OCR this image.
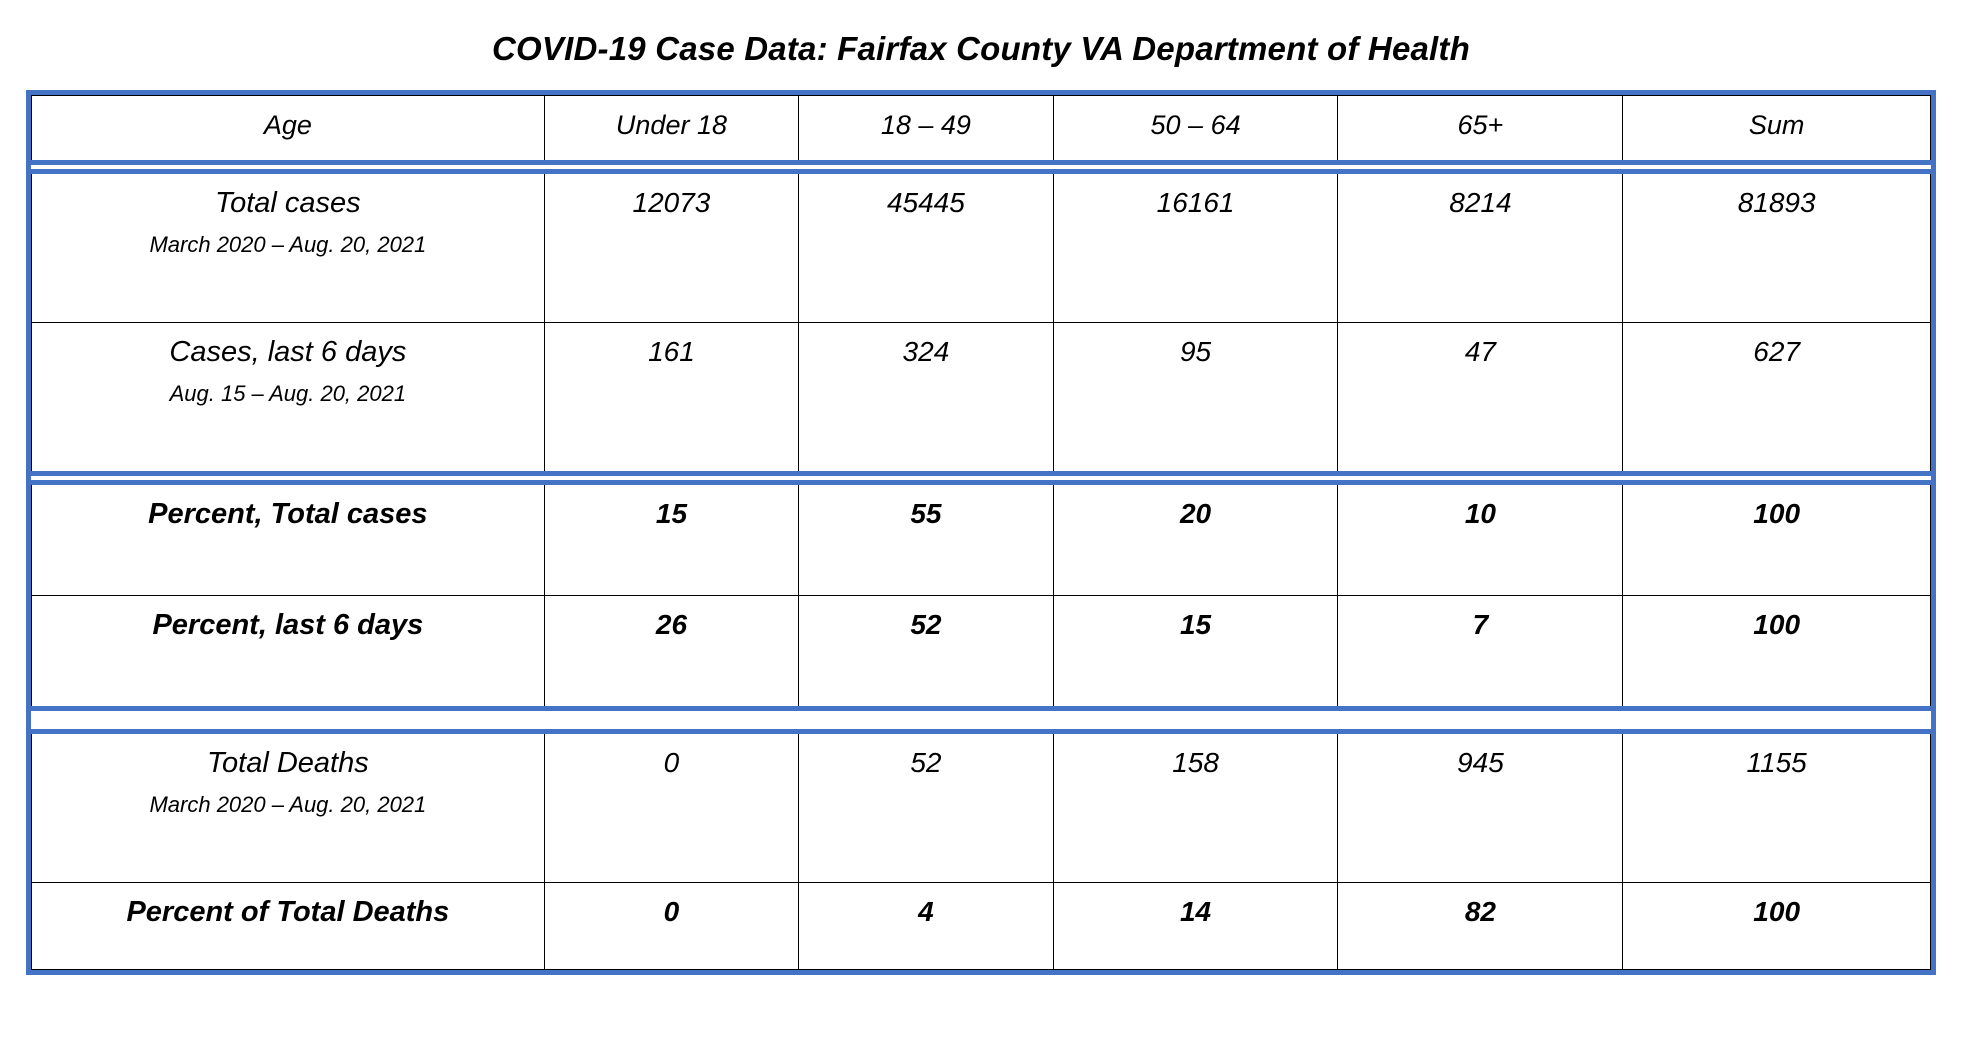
COVID-19 Case Data: Fairfax County VA Department of Health
Age	Under 18	18 – 49	50 – 64	65+	Sum

Total cases
March 2020 – Aug. 20, 2021	12073	45445	16161	8214	81893

Cases, last 6 days
Aug. 15 – Aug. 20, 2021	161	324	95	47	627

Percent, Total cases	15	55	20	10	100

Percent, last 6 days	26	52	15	7	100

Total Deaths
March 2020 – Aug. 20, 2021	0	52	158	945	1155

Percent of Total Deaths	0	4	14	82	100
